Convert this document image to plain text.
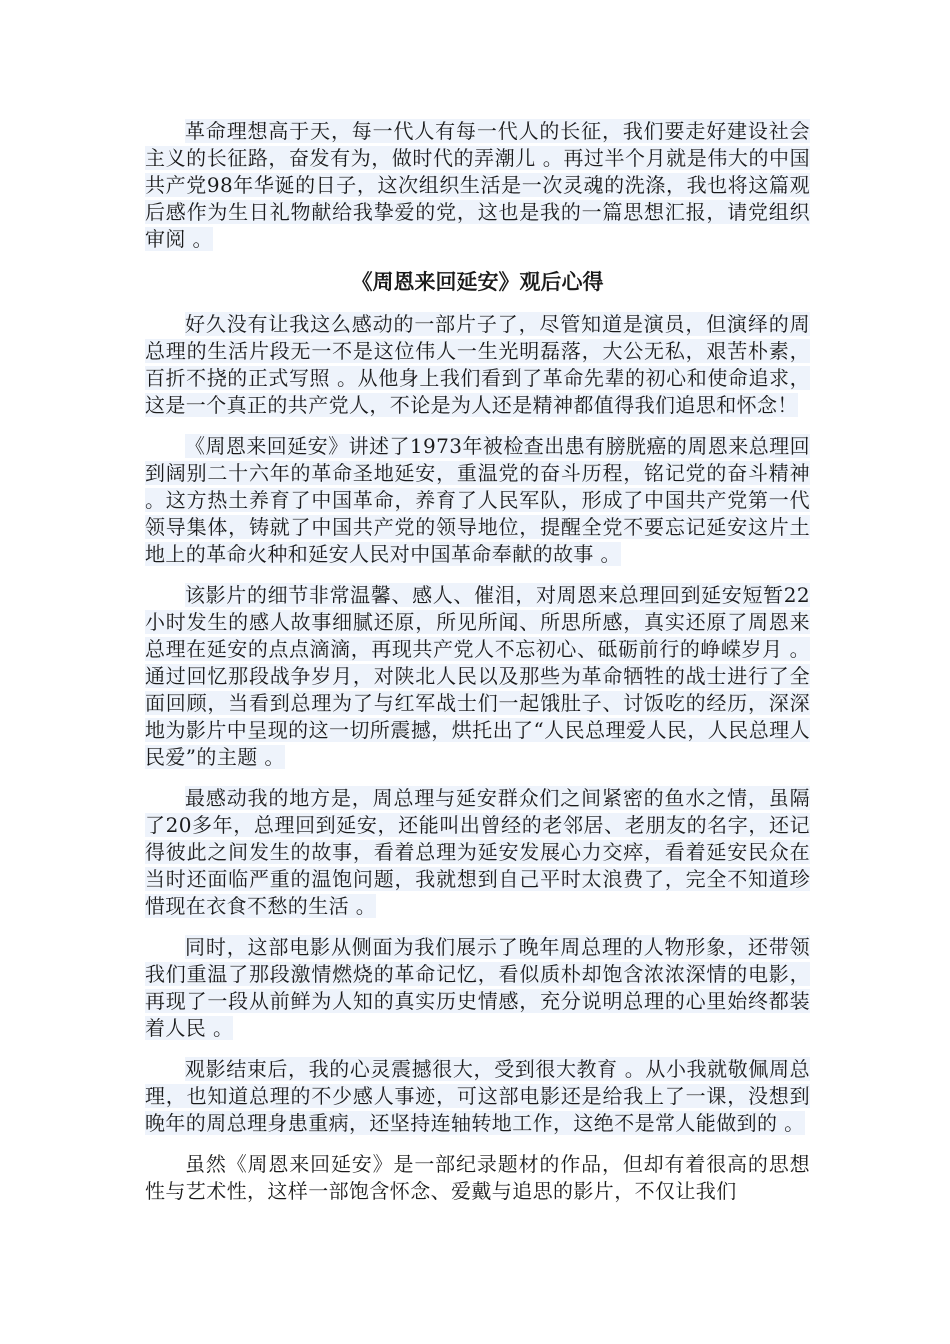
革命理想高于天，每一代人有每一代人的长征，我们要走好建设社会主义的长征路，奋发有为，做时代的弄潮儿 。再过半个月就是伟大的中国共产党98年华诞的日子，这次组织生活是一次灵魂的洗涤，我也将这篇观后感作为生日礼物献给我挚爱的党，这也是我的一篇思想汇报，请党组织审阅 。

《周恩来回延安》观后心得

好久没有让我这么感动的一部片子了，尽管知道是演员，但演绎的周总理的生活片段无一不是这位伟人一生光明磊落，大公无私，艰苦朴素，百折不挠的正式写照 。从他身上我们看到了革命先辈的初心和使命追求，这是一个真正的共产党人，不论是为人还是精神都值得我们追思和怀念！

《周恩来回延安》讲述了1973年被检查出患有膀胱癌的周恩来总理回到阔别二十六年的革命圣地延安，重温党的奋斗历程，铭记党的奋斗精神 。这方热土养育了中国革命，养育了人民军队，形成了中国共产党第一代领导集体，铸就了中国共产党的领导地位，提醒全党不要忘记延安这片土地上的革命火种和延安人民对中国革命奉献的故事 。

该影片的细节非常温馨、感人、催泪，对周恩来总理回到延安短暂22小时发生的感人故事细腻还原，所见所闻、所思所感，真实还原了周恩来总理在延安的点点滴滴，再现共产党人不忘初心、砥砺前行的峥嵘岁月 。通过回忆那段战争岁月，对陕北人民以及那些为革命牺牲的战士进行了全面回顾，当看到总理为了与红军战士们一起饿肚子、讨饭吃的经历，深深地为影片中呈现的这一切所震撼，烘托出了“人民总理爱人民，人民总理人民爱”的主题 。

最感动我的地方是，周总理与延安群众们之间紧密的鱼水之情，虽隔了20多年，总理回到延安，还能叫出曾经的老邻居、老朋友的名字，还记得彼此之间发生的故事，看着总理为延安发展心力交瘁，看着延安民众在当时还面临严重的温饱问题，我就想到自己平时太浪费了，完全不知道珍惜现在衣食不愁的生活 。

同时，这部电影从侧面为我们展示了晚年周总理的人物形象，还带领我们重温了那段激情燃烧的革命记忆，看似质朴却饱含浓浓深情的电影，再现了一段从前鲜为人知的真实历史情感，充分说明总理的心里始终都装着人民 。

观影结束后，我的心灵震撼很大，受到很大教育 。从小我就敬佩周总理，也知道总理的不少感人事迹，可这部电影还是给我上了一课，没想到晚年的周总理身患重病，还坚持连轴转地工作，这绝不是常人能做到的 。

虽然《周恩来回延安》是一部纪录题材的作品，但却有着很高的思想性与艺术性，这样一部饱含怀念、爱戴与追思的影片，不仅让我们
